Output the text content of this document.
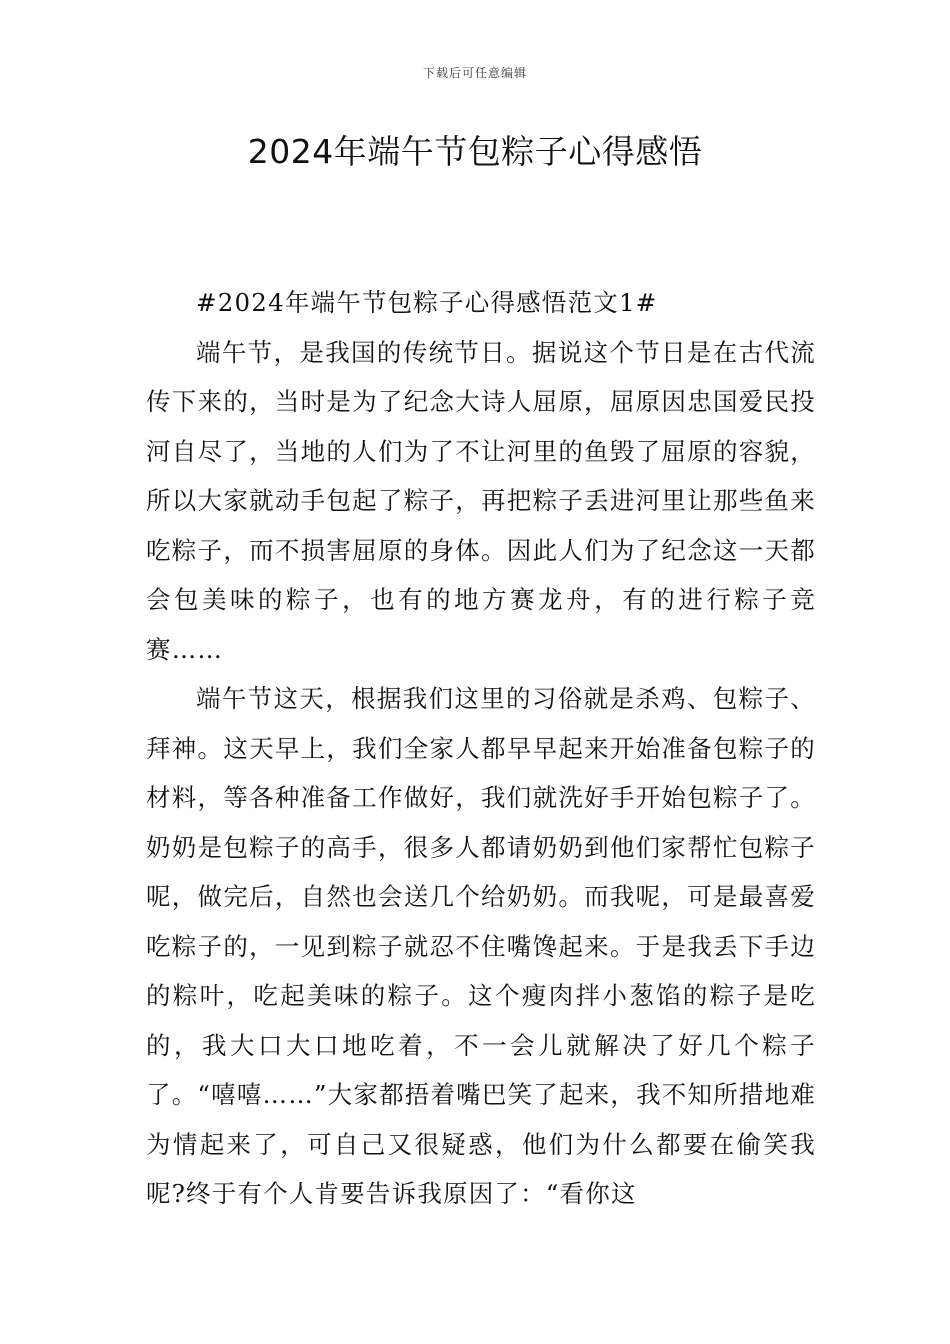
下载后可任意编辑
2024年端午节包粽子心得感悟

#2024年端午节包粽子心得感悟范文1#

端午节，是我国的传统节日。据说这个节日是在古代流传下来的，当时是为了纪念大诗人屈原，屈原因忠国爱民投河自尽了，当地的人们为了不让河里的鱼毁了屈原的容貌，所以大家就动手包起了粽子，再把粽子丢进河里让那些鱼来吃粽子，而不损害屈原的身体。因此人们为了纪念这一天都会包美味的粽子，也有的地方赛龙舟，有的进行粽子竞赛……

端午节这天，根据我们这里的习俗就是杀鸡、包粽子、拜神。这天早上，我们全家人都早早起来开始准备包粽子的材料，等各种准备工作做好，我们就洗好手开始包粽子了。奶奶是包粽子的高手，很多人都请奶奶到他们家帮忙包粽子呢，做完后，自然也会送几个给奶奶。而我呢，可是最喜爱吃粽子的，一见到粽子就忍不住嘴馋起来。于是我丢下手边的粽叶，吃起美味的粽子。这个瘦肉拌小葱馅的粽子是吃的，我大口大口地吃着，不一会儿就解决了好几个粽子了。“嘻嘻……”大家都捂着嘴巴笑了起来，我不知所措地难为情起来了，可自己又很疑惑，他们为什么都要在偷笑我呢?终于有个人肯要告诉我原因了：“看你这
